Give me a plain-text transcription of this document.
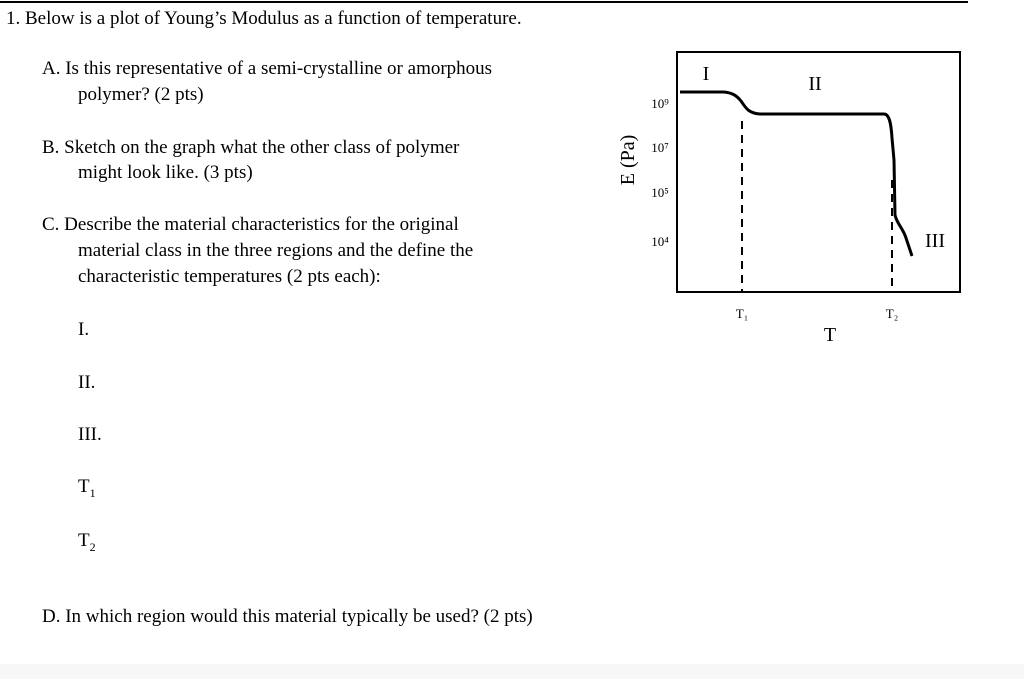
1. Below is a plot of Young’s Modulus as a function of temperature.
A. Is this representative of a semi-crystalline or amorphous
polymer? (2 pts)
B. Sketch on the graph what the other class of polymer
might look like. (3 pts)
C. Describe the material characteristics for the original
material class in the three regions and the define the
characteristic temperatures (2 pts each):
I.
II.
III.
$T_1$
$T_2$
D. In which region would this material typically be used? (2 pts)
I	II
III
10⁹
10⁷
10⁵
10⁴
E (Pa)
T₁	T₂
T
